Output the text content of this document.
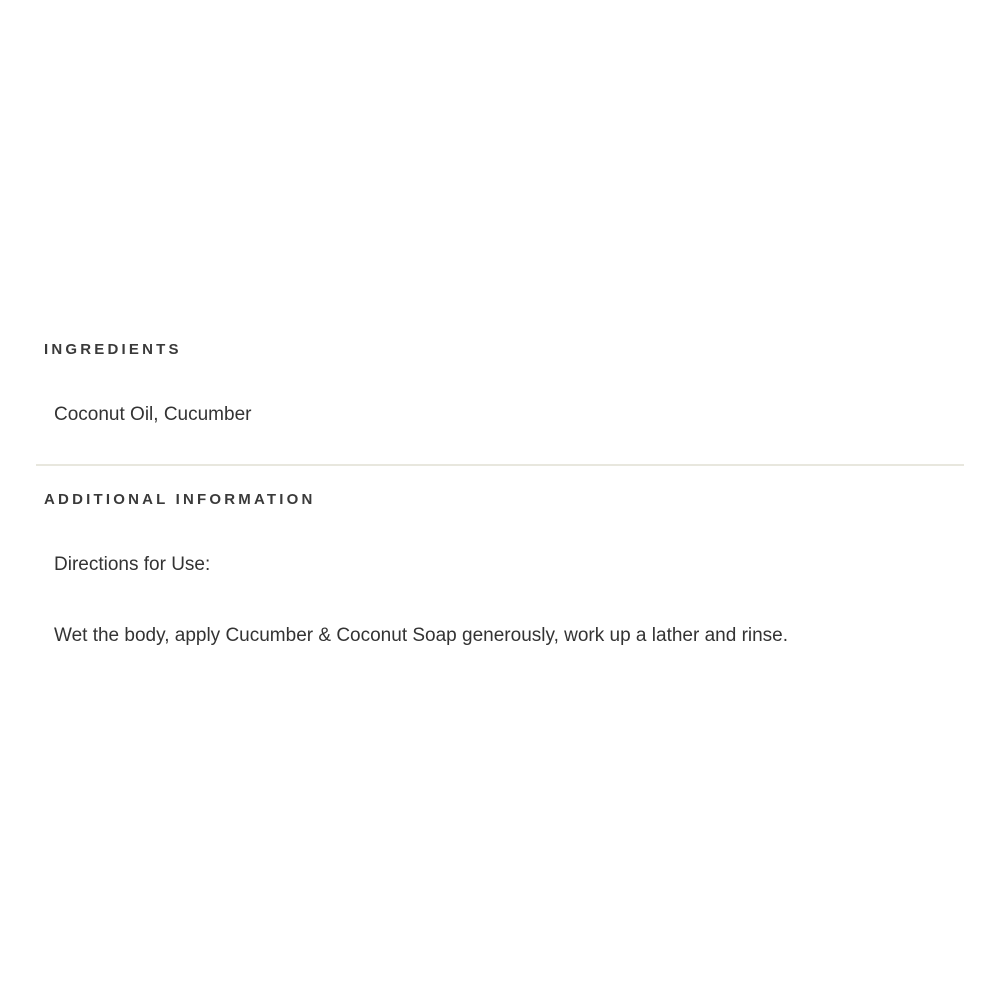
INGREDIENTS

Coconut Oil, Cucumber

ADDITIONAL INFORMATION

Directions for Use:

Wet the body, apply Cucumber & Coconut Soap generously, work up a lather and rinse.
